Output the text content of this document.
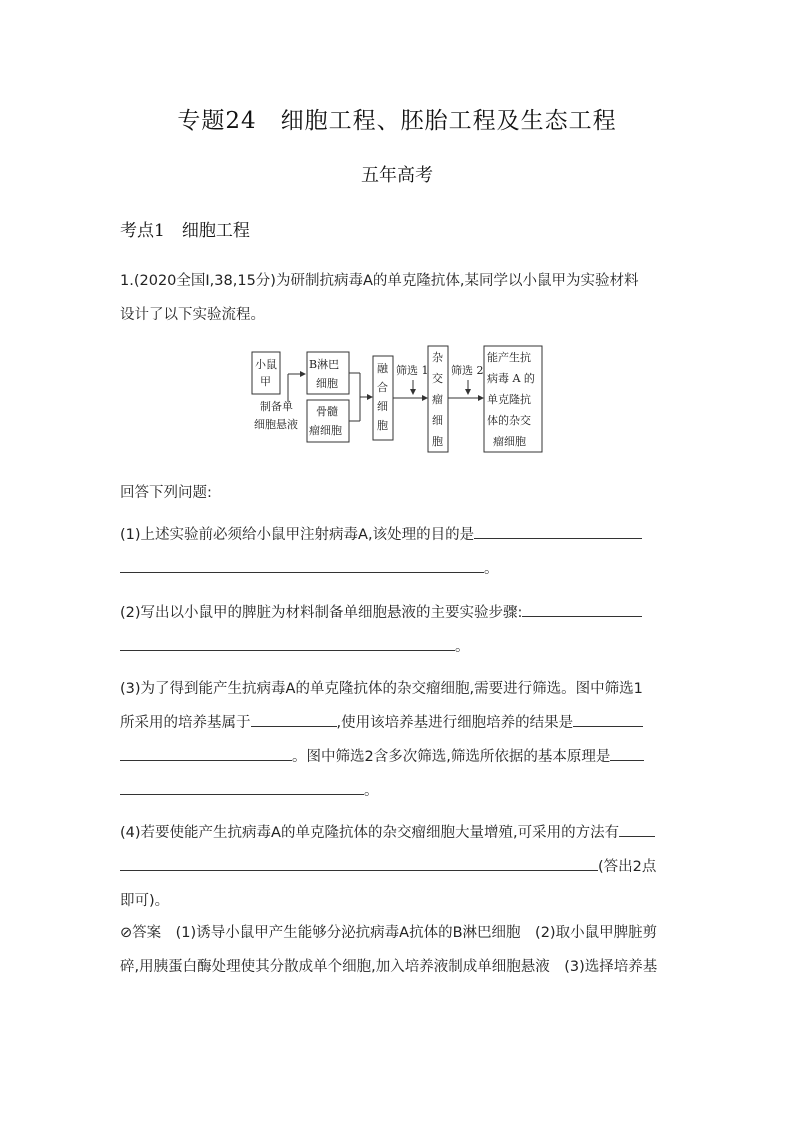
专题24　细胞工程、胚胎工程及生态工程
五年高考
考点1　细胞工程
1.(2020全国Ⅰ,38,15分)为研制抗病毒A的单克隆抗体,某同学以小鼠甲为实验材料
设计了以下实验流程。
小鼠
甲
制备单
细胞悬液
B淋巴
细胞
骨髓
瘤细胞
融
合
细
胞
筛选 1
杂
交
瘤
细
胞
筛选 2
能产生抗
病毒 A 的
单克隆抗
体的杂交
瘤细胞
回答下列问题:
(1)上述实验前必须给小鼠甲注射病毒A,该处理的目的是
。
(2)写出以小鼠甲的脾脏为材料制备单细胞悬液的主要实验步骤:
。
(3)为了得到能产生抗病毒A的单克隆抗体的杂交瘤细胞,需要进行筛选。图中筛选1
所采用的培养基属于	,使用该培养基进行细胞培养的结果是
。图中筛选2含多次筛选,筛选所依据的基本原理是
。
(4)若要使能产生抗病毒A的单克隆抗体的杂交瘤细胞大量增殖,可采用的方法有
(答出2点
即可)。
⊘答案　(1)诱导小鼠甲产生能够分泌抗病毒A抗体的B淋巴细胞　(2)取小鼠甲脾脏剪
碎,用胰蛋白酶处理使其分散成单个细胞,加入培养液制成单细胞悬液　(3)选择培养基
